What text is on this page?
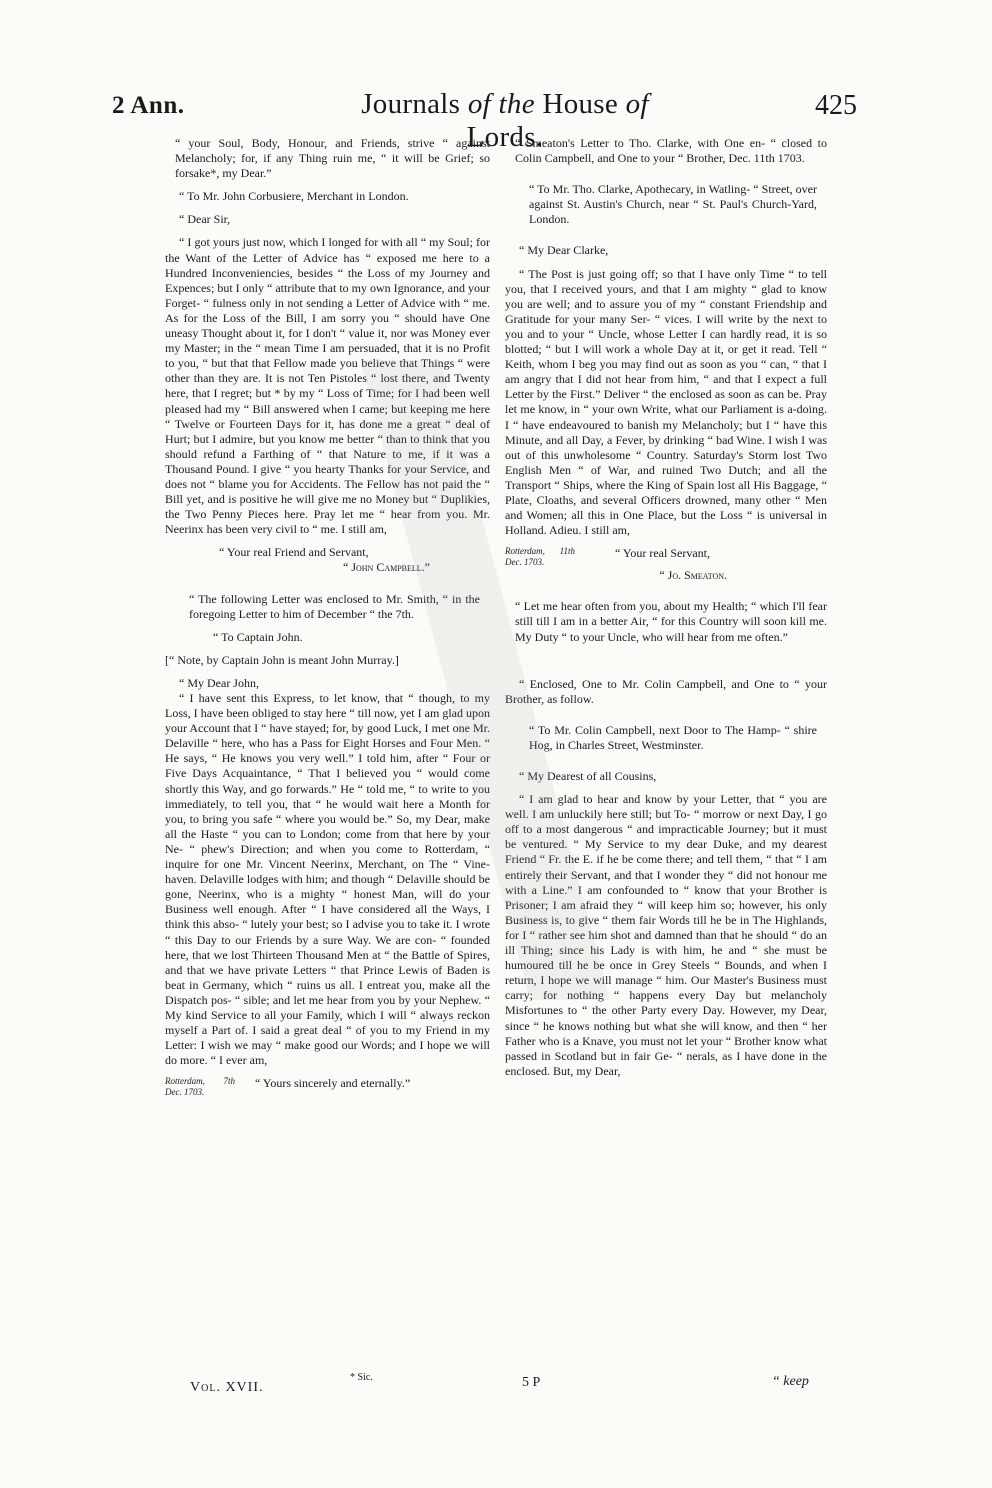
2 Ann.	Journals of the House of Lords.
425

“ your Soul, Body, Honour, and Friends, strive “ against Melancholy; for, if any Thing ruin me, “ it will be Grief; so forsake*, my Dear.”

“ To Mr. John Corbusiere, Merchant in London.

“ Dear Sir,

“ I got yours just now, which I longed for with all “ my Soul; for the Want of the Letter of Advice has “ exposed me here to a Hundred Inconveniencies, besides “ the Loss of my Journey and Expences; but I only “ attribute that to my own Ignorance, and your Forget- “ fulness only in not sending a Letter of Advice with “ me. As for the Loss of the Bill, I am sorry you “ should have One uneasy Thought about it, for I don't “ value it, nor was Money ever my Master; in the “ mean Time I am persuaded, that it is no Profit to you, “ but that that Fellow made you believe that Things “ were other than they are. It is not Ten Pistoles “ lost there, and Twenty here, that I regret; but * by my “ Loss of Time; for I had been well pleased had my “ Bill answered when I came; but keeping me here “ Twelve or Fourteen Days for it, has done me a great “ deal of Hurt; but I admire, but you know me better “ than to think that you should refund a Farthing of “ that Nature to me, if it was a Thousand Pound. I give “ you hearty Thanks for your Service, and does not “ blame you for Accidents. The Fellow has not paid the “ Bill yet, and is positive he will give me no Money but “ Duplikies, the Two Penny Pieces here. Pray let me “ hear from you. Mr. Neerinx has been very civil to “ me. I still am,

“ Your real Friend and Servant,

“ John Campbell.”

“ The following Letter was enclosed to Mr. Smith, “ in the foregoing Letter to him of December “ the 7th.

“ To Captain John.

[“ Note, by Captain John is meant John Murray.]

“ My Dear John,

“ I have sent this Express, to let know, that “ though, to my Loss, I have been obliged to stay here “ till now, yet I am glad upon your Account that I “ have stayed; for, by good Luck, I met one Mr. Delaville “ here, who has a Pass for Eight Horses and Four Men. “ He says, “ He knows you very well.” I told him, after “ Four or Five Days Acquaintance, “ That I believed you “ would come shortly this Way, and go forwards.” He “ told me, “ to write to you immediately, to tell you, that “ he would wait here a Month for you, to bring you safe “ where you would be.” So, my Dear, make all the Haste “ you can to London; come from that here by your Ne- “ phew's Direction; and when you come to Rotterdam, “ inquire for one Mr. Vincent Neerinx, Merchant, on The “ Vine-haven. Delaville lodges with him; and though “ Delaville should be gone, Neerinx, who is a mighty “ honest Man, will do your Business well enough. After “ I have considered all the Ways, I think this abso- “ lutely your best; so I advise you to take it. I wrote “ this Day to our Friends by a sure Way. We are con- “ founded here, that we lost Thirteen Thousand Men at “ the Battle of Spires, and that we have private Letters “ that Prince Lewis of Baden is beat in Germany, which “ ruins us all. I entreat you, make all the Dispatch pos- “ sible; and let me hear from you by your Nephew. “ My kind Service to all your Family, which I will “ always reckon myself a Part of. I said a great deal “ of you to my Friend in my Letter: I wish we may “ make good our Words; and I hope we will do more. “ I ever am,

Rotterdam, 7th Dec. 1703.
“ Yours sincerely and eternally.”

“ Smeaton's Letter to Tho. Clarke, with One en- “ closed to Colin Campbell, and One to your “ Brother, Dec. 11th 1703.

“ To Mr. Tho. Clarke, Apothecary, in Watling- “ Street, over against St. Austin's Church, near “ St. Paul's Church-Yard, London.

“ My Dear Clarke,

“ The Post is just going off; so that I have only Time “ to tell you, that I received yours, and that I am mighty “ glad to know you are well; and to assure you of my “ constant Friendship and Gratitude for your many Ser- “ vices. I will write by the next to you and to your “ Uncle, whose Letter I can hardly read, it is so blotted; “ but I will work a whole Day at it, or get it read. Tell “ Keith, whom I beg you may find out as soon as you “ can, “ that I am angry that I did not hear from him, “ and that I expect a full Letter by the First.” Deliver “ the enclosed as soon as can be. Pray let me know, in “ your own Write, what our Parliament is a-doing. I “ have endeavoured to banish my Melancholy; but I “ have this Minute, and all Day, a Fever, by drinking “ bad Wine. I wish I was out of this unwholesome “ Country. Saturday's Storm lost Two English Men “ of War, and ruined Two Dutch; and all the Transport “ Ships, where the King of Spain lost all His Baggage, “ Plate, Cloaths, and several Officers drowned, many other “ Men and Women; all this in One Place, but the Loss “ is universal in Holland. Adieu. I still am,

Rotterdam, 11th Dec. 1703.
“ Your real Servant,

“ Jo. Smeaton.

“ Let me hear often from you, about my Health; “ which I'll fear still till I am in a better Air, “ for this Country will soon kill me. My Duty “ to your Uncle, who will hear from me often.”

“ Enclosed, One to Mr. Colin Campbell, and One to “ your Brother, as follow.

“ To Mr. Colin Campbell, next Door to The Hamp- “ shire Hog, in Charles Street, Westminster.

“ My Dearest of all Cousins,

“ I am glad to hear and know by your Letter, that “ you are well. I am unluckily here still; but To- “ morrow or next Day, I go off to a most dangerous “ and impracticable Journey; but it must be ventured. “ My Service to my dear Duke, and my dearest Friend “ Fr. the E. if he be come there; and tell them, “ that “ I am entirely their Servant, and that I wonder they “ did not honour me with a Line.” I am confounded to “ know that your Brother is Prisoner; I am afraid they “ will keep him so; however, his only Business is, to give “ them fair Words till he be in The Highlands, for I “ rather see him shot and damned than that he should “ do an ill Thing; since his Lady is with him, he and “ she must be humoured till he be once in Grey Steels “ Bounds, and when I return, I hope we will manage “ him. Our Master's Business must carry; for nothing “ happens every Day but melancholy Misfortunes to “ the other Party every Day. However, my Dear, since “ he knows nothing but what she will know, and then “ her Father who is a Knave, you must not let your “ Brother know what passed in Scotland but in fair Ge- “ nerals, as I have done in the enclosed. But, my Dear,

Vol. XVII.
* Sic.	5 P	“ keep
